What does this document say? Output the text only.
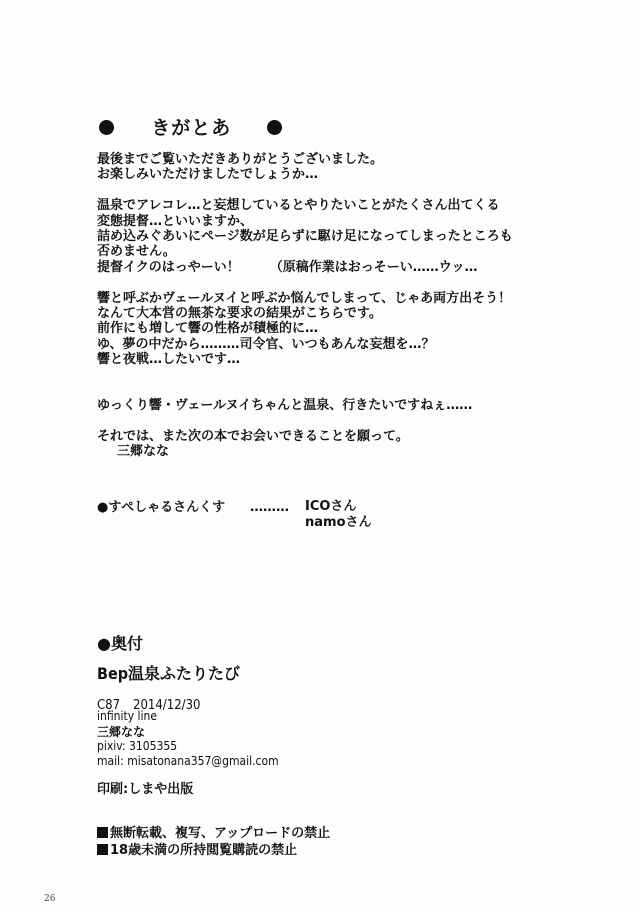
きがとあ
最後までご覧いただきありがとうございました。
お楽しみいただけましたでしょうか…
温泉でアレコレ…と妄想しているとやりたいことがたくさん出てくる
変態提督…といいますか、
詰め込みぐあいにページ数が足らずに駆け足になってしまったところも
否めません。
提督イクのはっやーい！ （原稿作業はおっそーい……ウッ…
響と呼ぶかヴェールヌイと呼ぶか悩んでしまって、じゃあ両方出そう！
なんて大本営の無茶な要求の結果がこちらです。
前作にも増して響の性格が積極的に…
ゆ、夢の中だから………司令官、いつもあんな妄想を…？
響と夜戦…したいです…
ゆっくり響・ヴェールヌイちゃんと温泉、行きたいですねぇ……
それでは、また次の本でお会いできることを願って。
三郷なな
●すぺしゃるさんくす ……… ICOさん
namoさん
●奥付
Bep温泉ふたりたび
C87　2014/12/30
infinity line
三郷なな
pixiv: 3105355
mail: misatonana357@gmail.com
印刷:しまや出版
無断転載、複写、アップロードの禁止
18歳未満の所持閲覧購読の禁止
26
